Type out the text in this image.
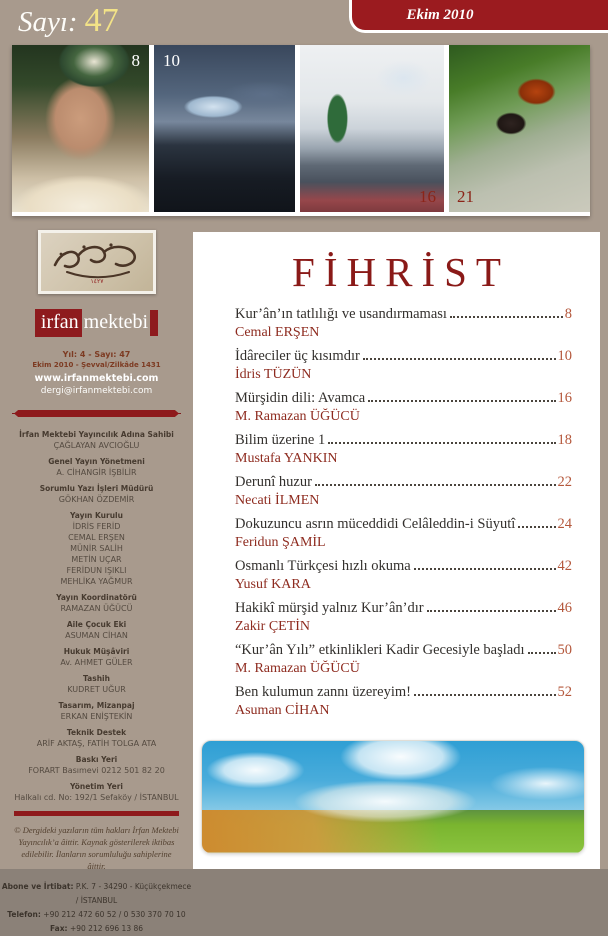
Sayı: 47	Ekim 2010
8 10
16 21
١٤٢٧
irfan mektebi
Yıl: 4 - Sayı: 47
Ekim 2010 - Şevval/Zilkâde 1431
www.irfanmektebi.com
dergi@irfanmektebi.com
İrfan Mektebi Yayıncılık Adına Sahibi
ÇAĞLAYAN AVCIOĞLU
Genel Yayın Yönetmeni
A. CİHANGİR İŞBİLİR
Sorumlu Yazı İşleri Müdürü
GÖKHAN ÖZDEMİR
Yayın Kurulu
İDRİS FERİD
CEMAL ERŞEN
MÜNİR SALİH
METİN UÇAR
FERİDUN IŞIKLI
MEHLİKA YAĞMUR
Yayın Koordinatörü
RAMAZAN ÜĞÜCÜ
Aile Çocuk Eki
ASUMAN CİHAN
Hukuk Müşâviri
Av. AHMET GÜLER
Tashih
KUDRET UĞUR
Tasarım, Mizanpaj
ERKAN ENİŞTEKİN
Teknik Destek
ARİF AKTAŞ, FATİH TOLGA ATA
Baskı Yeri
FORART Basımevi 0212 501 82 20
Yönetim Yeri
Halkalı cd. No: 192/1 Sefaköy / İSTANBUL
© Dergideki yazıların tüm hakları İrfan Mektebi Yayıncılık’a âittir. Kaynak gösterilerek iktibas edilebilir. İlanların sorumluluğu sahiplerine âittir.
Abone ve İrtibat: P.K. 7 - 34290 - Küçükçekmece / İSTANBUL
Telefon: +90 212 472 60 52 / 0 530 370 70 10
Fax: +90 212 696 13 86
FİHRİST
Kur’ân’ın tatlılığı ve usandırmaması	8
Cemal ERŞEN
İdâreciler üç kısımdır	10
İdris TÜZÜN
Mürşidin dili: Avamca	16
M. Ramazan ÜĞÜCÜ
Bilim üzerine 1	18
Mustafa YANKIN
Derunî huzur	22
Necati İLMEN
Dokuzuncu asrın müceddidi Celâleddin-i Süyutî	24
Feridun ŞAMİL
Osmanlı Türkçesi hızlı okuma	42
Yusuf KARA
Hakikî mürşid yalnız Kur’ân’dır	46
Zakir ÇETİN
“Kur’ân Yılı” etkinlikleri Kadir Gecesiyle başladı 50
M. Ramazan ÜĞÜCÜ
Ben kulumun zannı üzereyim!	52
Asuman CİHAN
